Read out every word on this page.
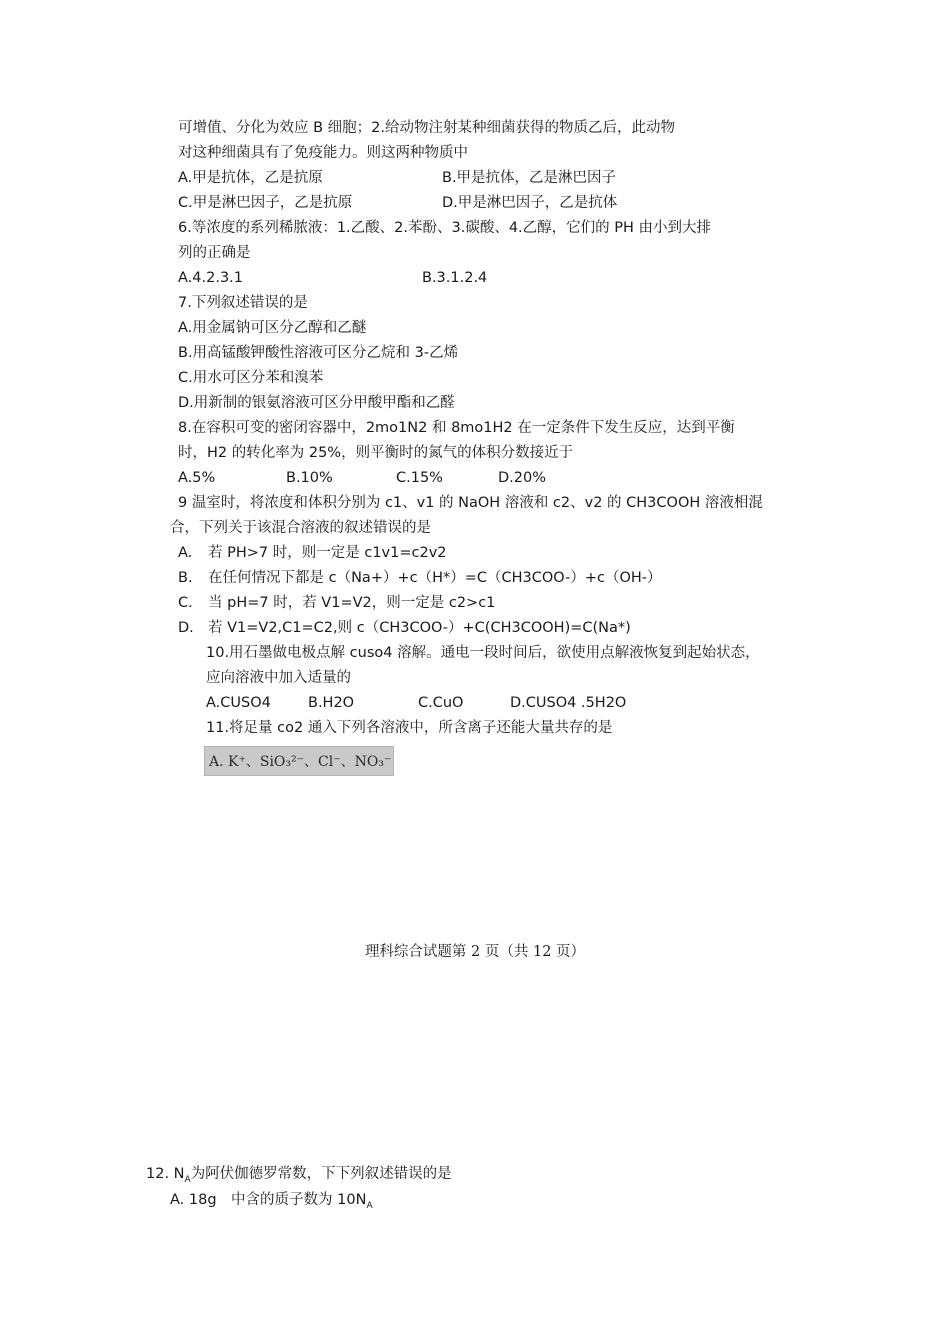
可增值、分化为效应 B 细胞；2.给动物注射某种细菌获得的物质乙后，此动物
对这种细菌具有了免疫能力。则这两种物质中
A.甲是抗体，乙是抗原	B.甲是抗体，乙是淋巴因子
C.甲是淋巴因子，乙是抗原	D.甲是淋巴因子，乙是抗体
6.等浓度的系列稀脓液：1.乙酸、2.苯酚、3.碳酸、4.乙醇，它们的 PH 由小到大排
列的正确是
A.4.2.3.1	B.3.1.2.4
7.下列叙述错误的是
A.用金属钠可区分乙醇和乙醚
B.用高锰酸钾酸性溶液可区分乙烷和 3-乙烯
C.用水可区分苯和溴苯
D.用新制的银氨溶液可区分甲酸甲酯和乙醛
8.在容积可变的密闭容器中，2mo1N2 和 8mo1H2 在一定条件下发生反应，达到平衡
时，H2 的转化率为 25%，则平衡时的氮气的体积分数接近于
A.5%	B.10%	C.15%	D.20%
9 温室时，将浓度和体积分别为 c1、v1 的 NaOH 溶液和 c2、v2 的 CH3COOH 溶液相混
合，下列关于该混合溶液的叙述错误的是
A. 若 PH>7 时，则一定是 c1v1=c2v2
B. 在任何情况下都是 c（Na+）+c（H*）=C（CH3COO-）+c（OH-）
C. 当 pH=7 时，若 V1=V2，则一定是 c2>c1
D. 若 V1=V2,C1=C2,则 c（CH3COO-）+C(CH3COOH)=C(Na*)
10.用石墨做电极点解 cuso4 溶解。通电一段时间后，欲使用点解液恢复到起始状态，
应向溶液中加入适量的
A.CUSO4	B.H2O	C.CuO	D.CUSO4 .5H2O
11.将足量 co2 通入下列各溶液中，所含离子还能大量共存的是
A. K⁺、SiO₃²⁻、Cl⁻、NO₃⁻
理科综合试题第 2 页（共 12 页）
12. $N_A$为阿伏伽德罗常数，下下列叙述错误的是
A. 18g　中含的质子数为 $10N_A$
